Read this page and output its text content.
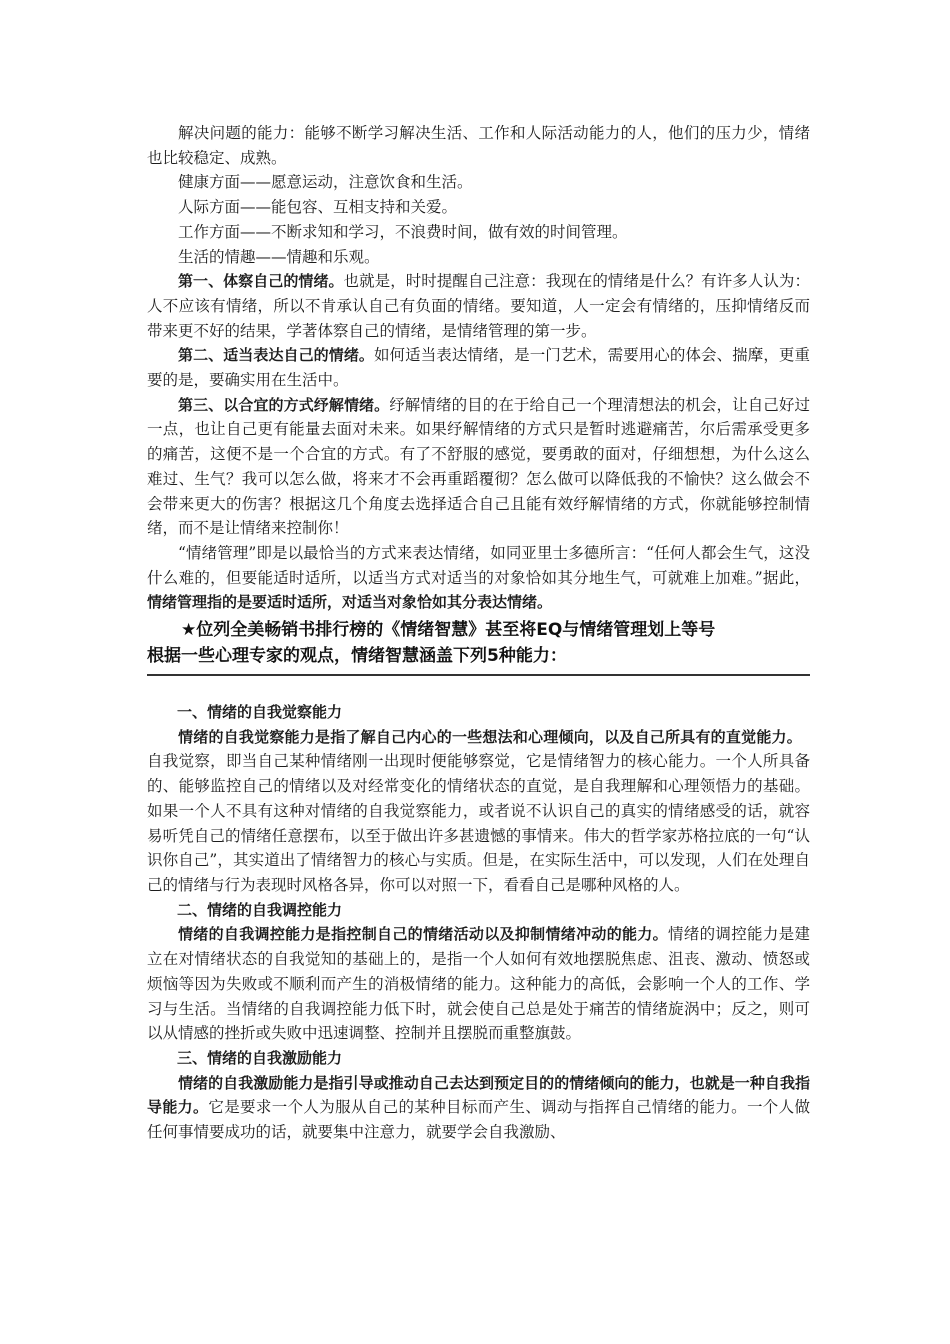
解决问题的能力：能够不断学习解决生活、工作和人际活动能力的人，他们的压力少，情绪也比较稳定、成熟。

健康方面——愿意运动，注意饮食和生活。

人际方面——能包容、互相支持和关爱。

工作方面——不断求知和学习，不浪费时间，做有效的时间管理。

生活的情趣——情趣和乐观。

第一、体察自己的情绪。也就是，时时提醒自己注意：我现在的情绪是什么？有许多人认为：人不应该有情绪，所以不肯承认自己有负面的情绪。要知道，人一定会有情绪的，压抑情绪反而带来更不好的结果，学著体察自己的情绪，是情绪管理的第一步。

第二、适当表达自己的情绪。如何适当表达情绪，是一门艺术，需要用心的体会、揣摩，更重要的是，要确实用在生活中。

第三、以合宜的方式纾解情绪。纾解情绪的目的在于给自己一个理清想法的机会，让自己好过一点，也让自己更有能量去面对未来。如果纾解情绪的方式只是暂时逃避痛苦，尔后需承受更多的痛苦，这便不是一个合宜的方式。有了不舒服的感觉，要勇敢的面对，仔细想想，为什么这么难过、生气？我可以怎么做，将来才不会再重蹈覆彻？怎么做可以降低我的不愉快？这么做会不会带来更大的伤害？根据这几个角度去选择适合自己且能有效纾解情绪的方式，你就能够控制情绪，而不是让情绪来控制你！

“情绪管理”即是以最恰当的方式来表达情绪，如同亚里士多德所言：“任何人都会生气，这没什么难的，但要能适时适所，以适当方式对适当的对象恰如其分地生气，可就难上加难。”据此，情绪管理指的是要适时适所，对适当对象恰如其分表达情绪。

★位列全美畅销书排行榜的《情绪智慧》甚至将EQ与情绪管理划上等号
根据一些心理专家的观点，情绪智慧涵盖下列5种能力：

一、情绪的自我觉察能力

情绪的自我觉察能力是指了解自己内心的一些想法和心理倾向，以及自己所具有的直觉能力。　自我觉察，即当自己某种情绪刚一出现时便能够察觉，它是情绪智力的核心能力。一个人所具备的、能够监控自己的情绪以及对经常变化的情绪状态的直觉，是自我理解和心理领悟力的基础。如果一个人不具有这种对情绪的自我觉察能力，或者说不认识自己的真实的情绪感受的话，就容易听凭自己的情绪任意摆布，以至于做出许多甚遗憾的事情来。伟大的哲学家苏格拉底的一句“认识你自己”，其实道出了情绪智力的核心与实质。但是，在实际生活中，可以发现，人们在处理自己的情绪与行为表现时风格各异，你可以对照一下，看看自己是哪种风格的人。

二、情绪的自我调控能力

情绪的自我调控能力是指控制自己的情绪活动以及抑制情绪冲动的能力。情绪的调控能力是建立在对情绪状态的自我觉知的基础上的，是指一个人如何有效地摆脱焦虑、沮丧、激动、愤怒或烦恼等因为失败或不顺利而产生的消极情绪的能力。这种能力的高低，会影响一个人的工作、学习与生活。当情绪的自我调控能力低下时，就会使自己总是处于痛苦的情绪旋涡中；反之，则可以从情感的挫折或失败中迅速调整、控制并且摆脱而重整旗鼓。

三、情绪的自我激励能力

情绪的自我激励能力是指引导或推动自己去达到预定目的的情绪倾向的能力，也就是一种自我指导能力。它是要求一个人为服从自己的某种目标而产生、调动与指挥自己情绪的能力。一个人做任何事情要成功的话，就要集中注意力，就要学会自我激励、
